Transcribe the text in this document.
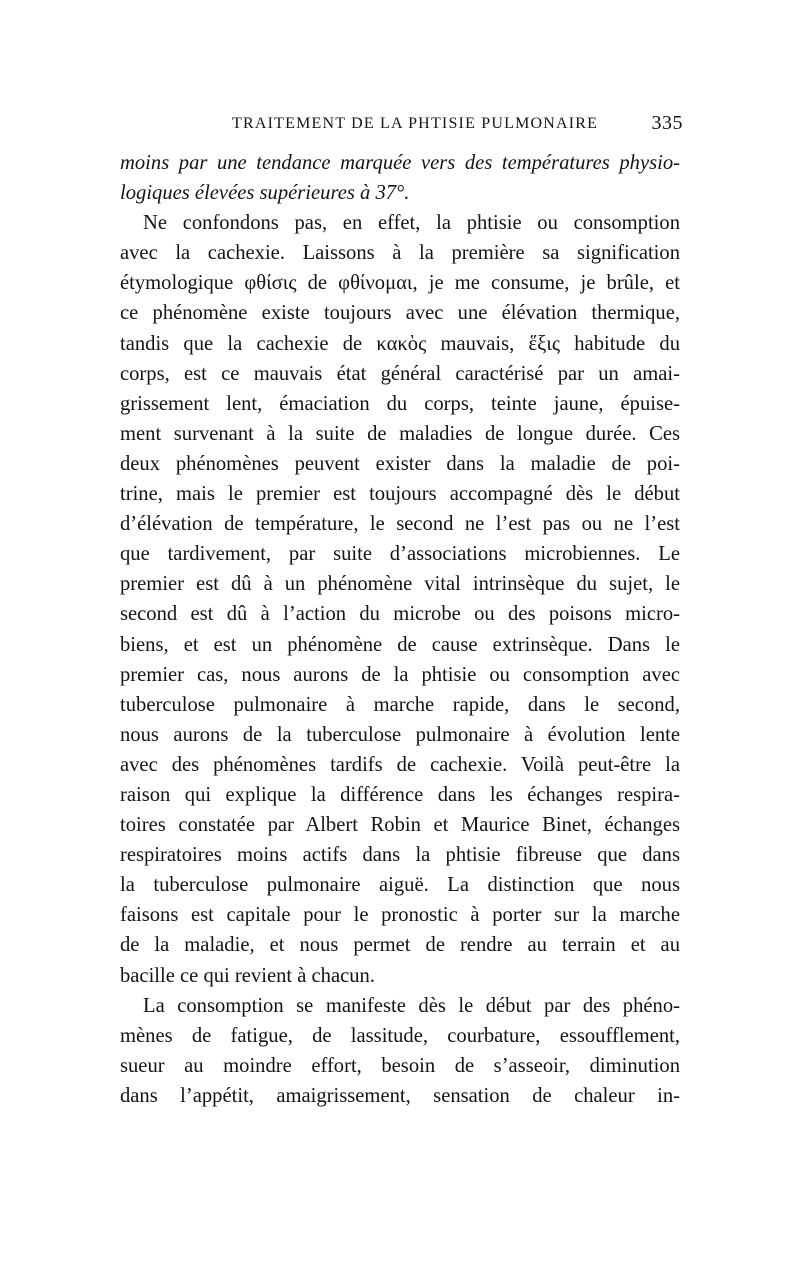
TRAITEMENT DE LA PHTISIE PULMONAIRE	335
moins par une tendance marquée vers des températures physio-
logiques élevées supérieures à 37°.
Ne confondons pas, en effet, la phtisie ou consomption
avec la cachexie. Laissons à la première sa signification
étymologique φθίσις de φθίνομαι, je me consume, je brûle, et
ce phénomène existe toujours avec une élévation thermique,
tandis que la cachexie de κακὸς mauvais, ἕξις habitude du
corps, est ce mauvais état général caractérisé par un amai-
grissement lent, émaciation du corps, teinte jaune, épuise-
ment survenant à la suite de maladies de longue durée. Ces
deux phénomènes peuvent exister dans la maladie de poi-
trine, mais le premier est toujours accompagné dès le début
d’élévation de température, le second ne l’est pas ou ne l’est
que tardivement, par suite d’associations microbiennes. Le
premier est dû à un phénomène vital intrinsèque du sujet, le
second est dû à l’action du microbe ou des poisons micro-
biens, et est un phénomène de cause extrinsèque. Dans le
premier cas, nous aurons de la phtisie ou consomption avec
tuberculose pulmonaire à marche rapide, dans le second,
nous aurons de la tuberculose pulmonaire à évolution lente
avec des phénomènes tardifs de cachexie. Voilà peut-être la
raison qui explique la différence dans les échanges respira-
toires constatée par Albert Robin et Maurice Binet, échanges
respiratoires moins actifs dans la phtisie fibreuse que dans
la tuberculose pulmonaire aiguë. La distinction que nous
faisons est capitale pour le pronostic à porter sur la marche
de la maladie, et nous permet de rendre au terrain et au
bacille ce qui revient à chacun.
La consomption se manifeste dès le début par des phéno-
mènes de fatigue, de lassitude, courbature, essoufflement,
sueur au moindre effort, besoin de s’asseoir, diminution
dans l’appétit, amaigrissement, sensation de chaleur in-
